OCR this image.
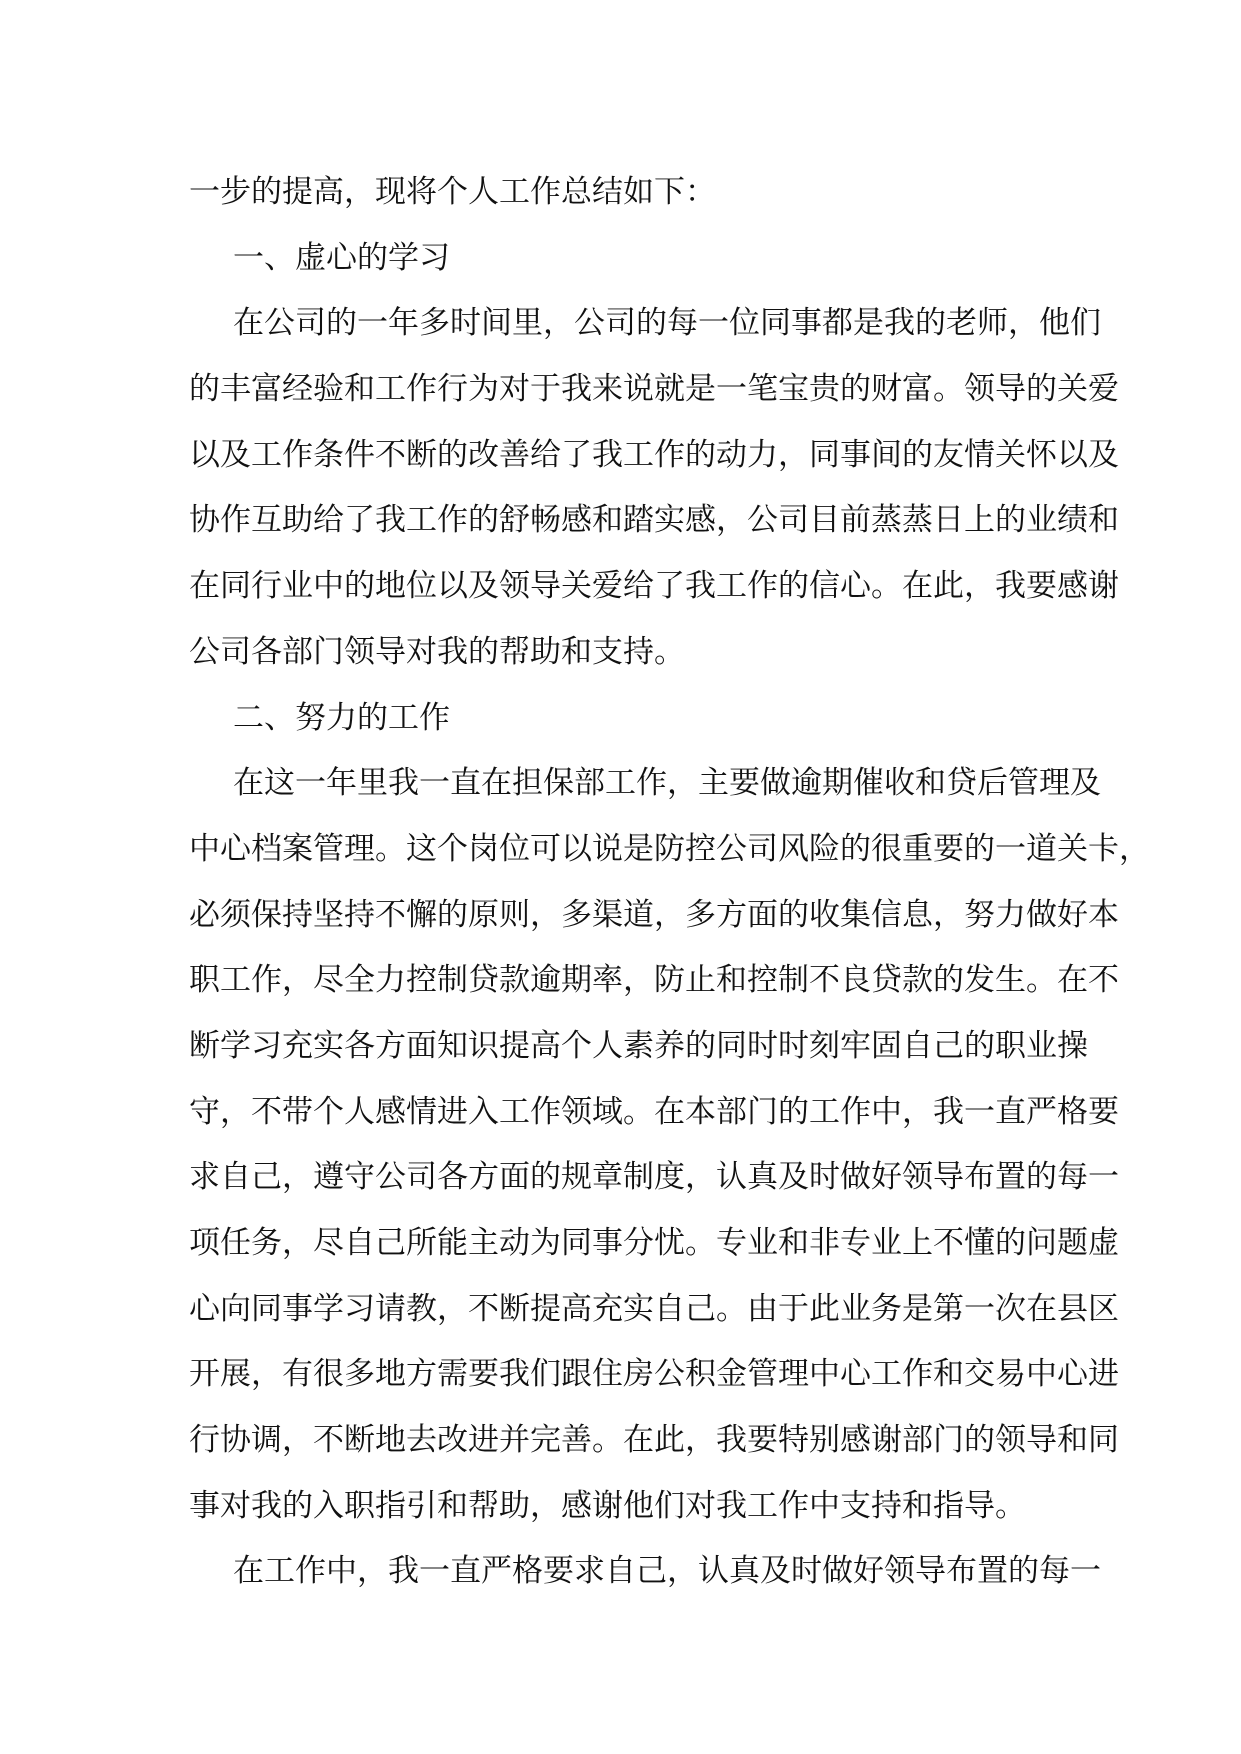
一步的提高，现将个人工作总结如下：
一、虚心的学习
在公司的一年多时间里，公司的每一位同事都是我的老师，他们
的丰富经验和工作行为对于我来说就是一笔宝贵的财富。领导的关爱
以及工作条件不断的改善给了我工作的动力，同事间的友情关怀以及
协作互助给了我工作的舒畅感和踏实感，公司目前蒸蒸日上的业绩和
在同行业中的地位以及领导关爱给了我工作的信心。在此，我要感谢
公司各部门领导对我的帮助和支持。
二、努力的工作
在这一年里我一直在担保部工作，主要做逾期催收和贷后管理及
中心档案管理。这个岗位可以说是防控公司风险的很重要的一道关卡，
必须保持坚持不懈的原则，多渠道，多方面的收集信息，努力做好本
职工作，尽全力控制贷款逾期率，防止和控制不良贷款的发生。在不
断学习充实各方面知识提高个人素养的同时时刻牢固自己的职业操
守，不带个人感情进入工作领域。在本部门的工作中，我一直严格要
求自己，遵守公司各方面的规章制度，认真及时做好领导布置的每一
项任务，尽自己所能主动为同事分忧。专业和非专业上不懂的问题虚
心向同事学习请教，不断提高充实自己。由于此业务是第一次在县区
开展，有很多地方需要我们跟住房公积金管理中心工作和交易中心进
行协调，不断地去改进并完善。在此，我要特别感谢部门的领导和同
事对我的入职指引和帮助，感谢他们对我工作中支持和指导。
在工作中，我一直严格要求自己，认真及时做好领导布置的每一
